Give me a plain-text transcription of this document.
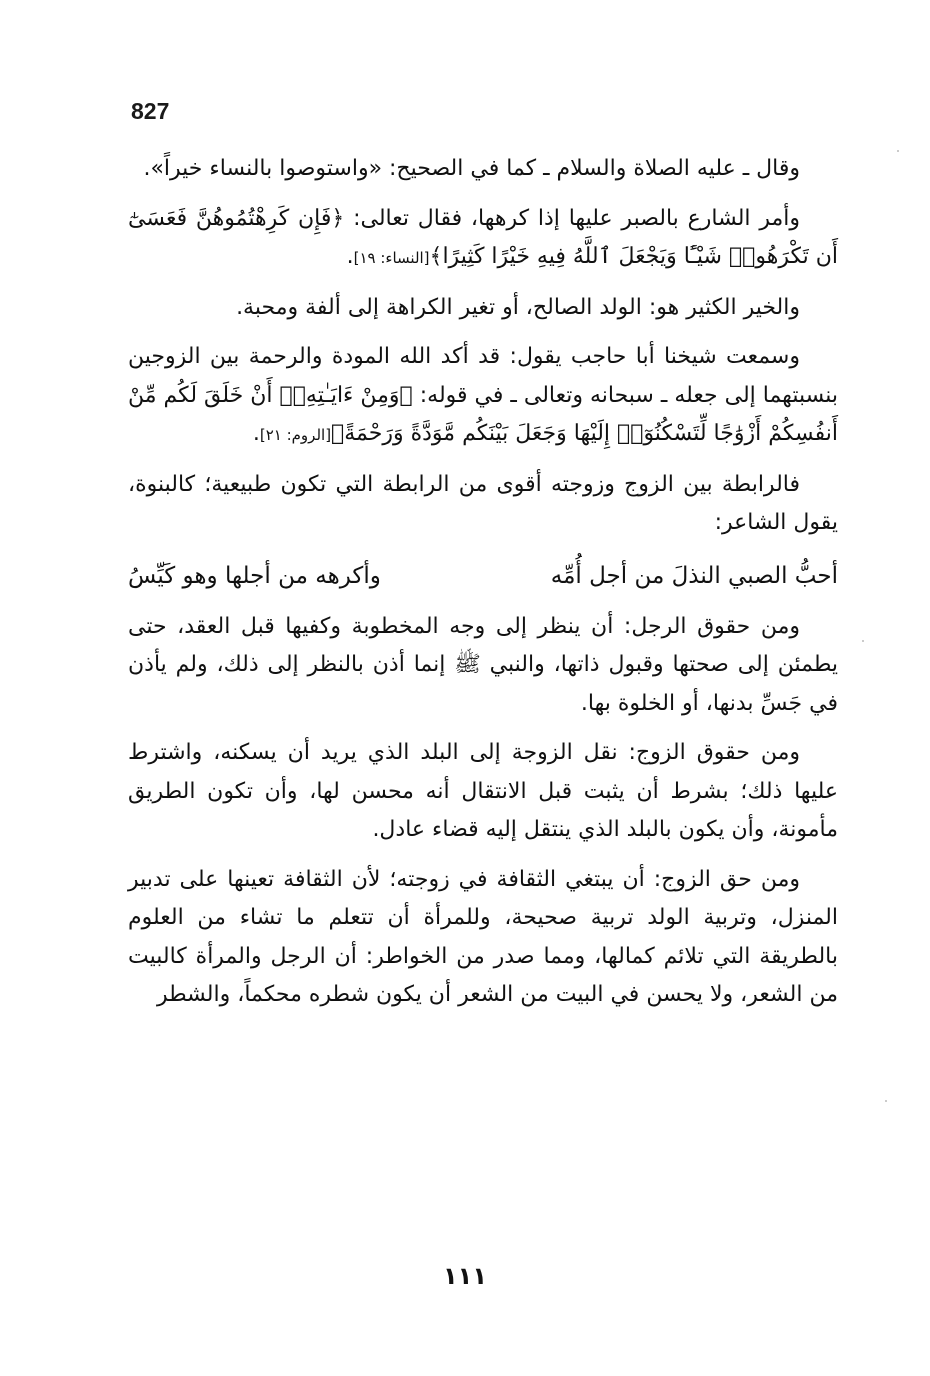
827

وقال ـ عليه الصلاة والسلام ـ كما في الصحيح: «واستوصوا بالنساء خيراً».

وأمر الشارع بالصبر عليها إذا كرهها، فقال تعالى: ﴿فَإِن كَرِهْتُمُوهُنَّ فَعَسَىٰٓ أَن تَكْرَهُوا۟ شَيْـًٔا وَيَجْعَلَ ٱللَّهُ فِيهِ خَيْرًا كَثِيرًا﴾[النساء: ١٩].

والخير الكثير هو: الولد الصالح، أو تغير الكراهة إلى ألفة ومحبة.

وسمعت شيخنا أبا حاجب يقول: قد أكد الله المودة والرحمة بين الزوجين بنسبتهما إلى جعله ـ سبحانه وتعالى ـ في قوله: ﴿وَمِنْ ءَايَـٰتِهِۦٓ أَنْ خَلَقَ لَكُم مِّنْ أَنفُسِكُمْ أَزْوَٰجًا لِّتَسْكُنُوٓا۟ إِلَيْهَا وَجَعَلَ بَيْنَكُم مَّوَدَّةً وَرَحْمَةً﴾[الروم: ٢١].

فالرابطة بين الزوج وزوجته أقوى من الرابطة التي تكون طبيعية؛ كالبنوة، يقول الشاعر:

أحبُّ الصبي النذلَ من أجل أُمِّه
وأكرهه من أجلها وهو كَيِّسُ

ومن حقوق الرجل: أن ينظر إلى وجه المخطوبة وكفيها قبل العقد، حتى يطمئن إلى صحتها وقبول ذاتها، والنبي ﷺ إنما أذن بالنظر إلى ذلك، ولم يأذن في جَسِّ بدنها، أو الخلوة بها.

ومن حقوق الزوج: نقل الزوجة إلى البلد الذي يريد أن يسكنه، واشترط عليها ذلك؛ بشرط أن يثبت قبل الانتقال أنه محسن لها، وأن تكون الطريق مأمونة، وأن يكون بالبلد الذي ينتقل إليه قضاء عادل.

ومن حق الزوج: أن يبتغي الثقافة في زوجته؛ لأن الثقافة تعينها على تدبير المنزل، وتربية الولد تربية صحيحة، وللمرأة أن تتعلم ما تشاء من العلوم بالطريقة التي تلائم كمالها، ومما صدر من الخواطر: أن الرجل والمرأة كالبيت من الشعر، ولا يحسن في البيت من الشعر أن يكون شطره محكماً، والشطر

١١١
